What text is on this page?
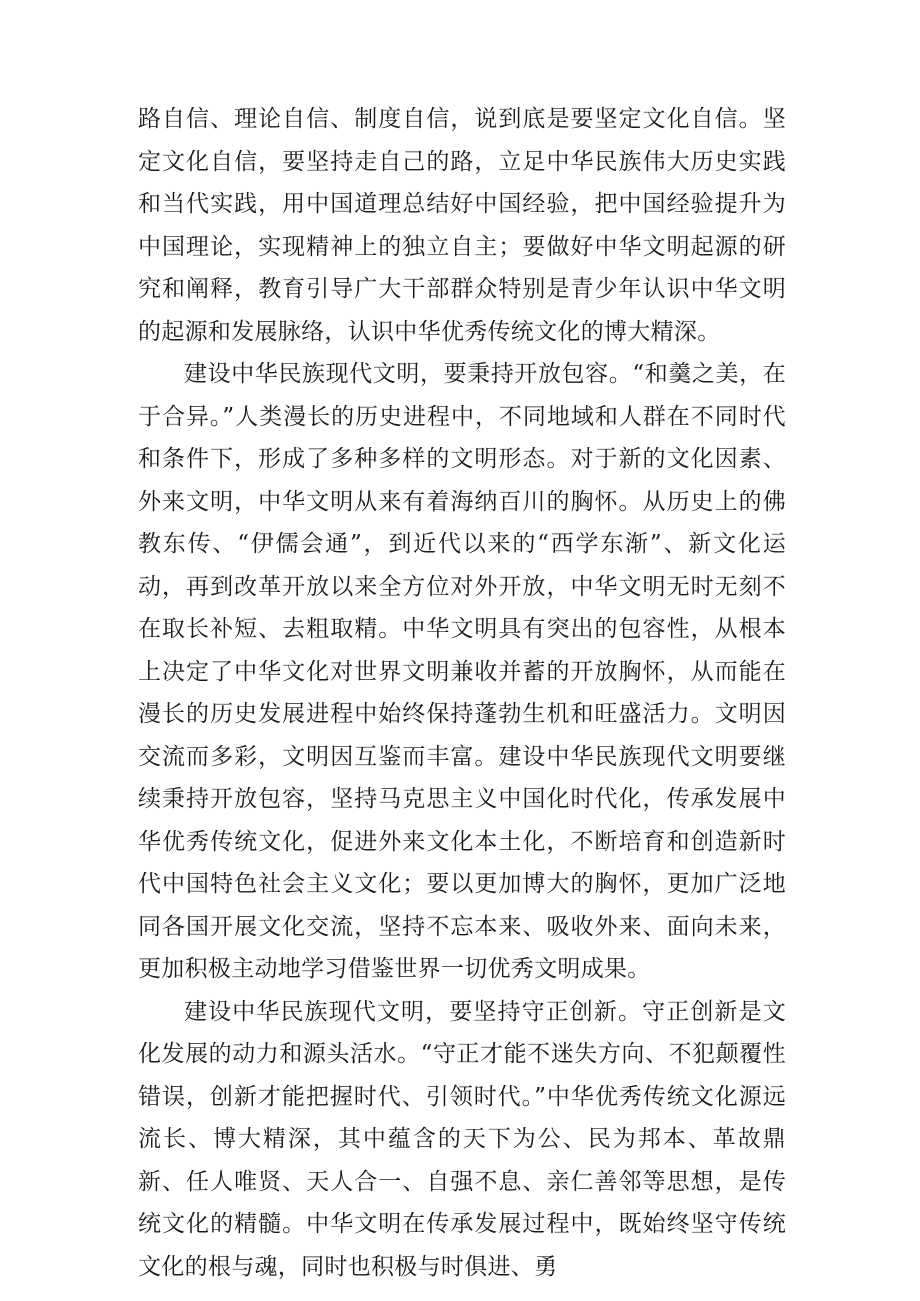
路自信、理论自信、制度自信，说到底是要坚定文化自信。坚定文化自信，要坚持走自己的路，立足中华民族伟大历史实践和当代实践，用中国道理总结好中国经验，把中国经验提升为中国理论，实现精神上的独立自主；要做好中华文明起源的研究和阐释，教育引导广大干部群众特别是青少年认识中华文明的起源和发展脉络，认识中华优秀传统文化的博大精深。

建设中华民族现代文明，要秉持开放包容。“和羹之美，在于合异。”人类漫长的历史进程中，不同地域和人群在不同时代和条件下，形成了多种多样的文明形态。对于新的文化因素、外来文明，中华文明从来有着海纳百川的胸怀。从历史上的佛教东传、“伊儒会通”，到近代以来的“西学东渐”、新文化运动，再到改革开放以来全方位对外开放，中华文明无时无刻不在取长补短、去粗取精。中华文明具有突出的包容性，从根本上决定了中华文化对世界文明兼收并蓄的开放胸怀，从而能在漫长的历史发展进程中始终保持蓬勃生机和旺盛活力。文明因交流而多彩，文明因互鉴而丰富。建设中华民族现代文明要继续秉持开放包容，坚持马克思主义中国化时代化，传承发展中华优秀传统文化，促进外来文化本土化，不断培育和创造新时代中国特色社会主义文化；要以更加博大的胸怀，更加广泛地同各国开展文化交流，坚持不忘本来、吸收外来、面向未来，更加积极主动地学习借鉴世界一切优秀文明成果。

建设中华民族现代文明，要坚持守正创新。守正创新是文化发展的动力和源头活水。“守正才能不迷失方向、不犯颠覆性错误，创新才能把握时代、引领时代。”中华优秀传统文化源远流长、博大精深，其中蕴含的天下为公、民为邦本、革故鼎新、任人唯贤、天人合一、自强不息、亲仁善邻等思想，是传统文化的精髓。中华文明在传承发展过程中，既始终坚守传统文化的根与魂，同时也积极与时俱进、勇
